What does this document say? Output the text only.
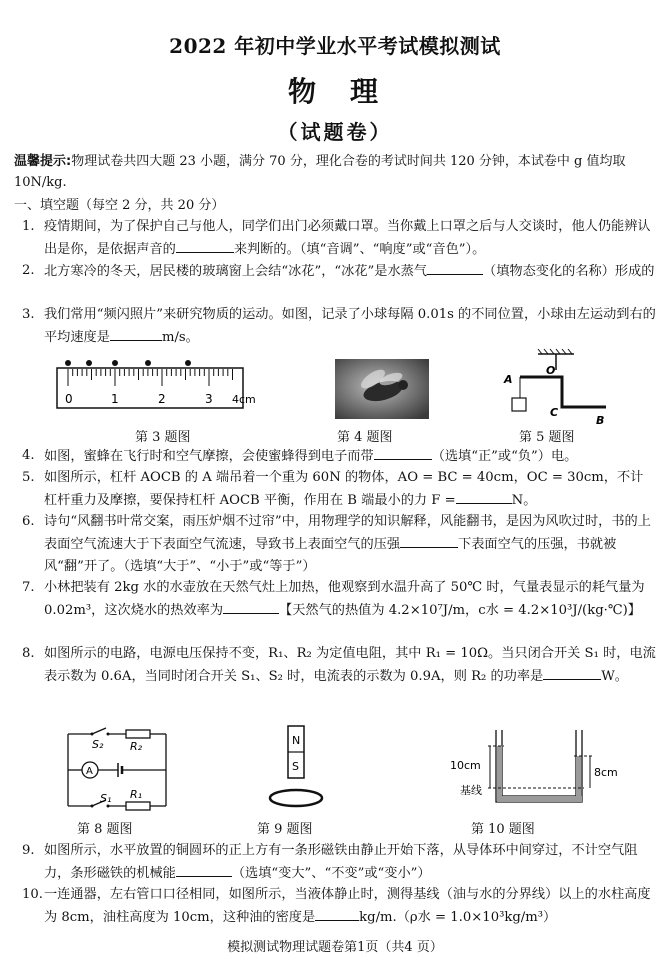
2022 年初中学业水平考试模拟测试
物理
（试题卷）
温馨提示:物理试卷共四大题 23 小题，满分 70 分，理化合卷的考试时间共 120 分钟，本试卷中 g 值均取 10N/kg.
一、填空题（每空 2 分，共 20 分）
1. 疫情期间，为了保护自己与他人，同学们出门必须戴口罩。当你戴上口罩之后与人交谈时，他人仍能辨认出是你，是依据声音的	来判断的。（填“音调”、“响度”或“音色”）。
2. 北方寒冷的冬天，居民楼的玻璃窗上会结“冰花”，“冰花”是水蒸气	（填物态变化的名称）形成的
3. 我们常用“频闪照片”来研究物质的运动。如图，记录了小球每隔 0.01s 的不同位置，小球由左运动到右的平均速度是	m/s。
0	1	2	3 4cm
第 3 题图	第 4 题图
A
O
C
B
第 5 题图
4. 如图，蜜蜂在飞行时和空气摩擦，会使蜜蜂得到电子而带	（选填“正”或“负”）电。
5. 如图所示，杠杆 AOCB 的 A 端吊着一个重为 60N 的物体，AO = BC = 40cm，OC = 30cm，不计杠杆重力及摩擦，要保持杠杆 AOCB 平衡，作用在 B 端最小的力 F =	N。
6. 诗句“风翻书叶常交案，雨压炉烟不过帘”中，用物理学的知识解释，风能翻书，是因为风吹过时，书的上表面空气流速大于下表面空气流速，导致书上表面空气的压强	下表面空气的压强，书就被风“翻”开了。（选填“大于”、“小于”或“等于”）
7. 小林把装有 2kg 水的水壶放在天然气灶上加热，他观察到水温升高了 50℃ 时，气量表显示的耗气量为 0.02m³，这次烧水的热效率为	【天然气的热值为 4.2×10⁷J/m，c水 = 4.2×10³J/(kg·℃)】
8. 如图所示的电路，电源电压保持不变，R₁、R₂ 为定值电阻，其中 R₁ = 10Ω。当只闭合开关 S₁ 时，电流表示数为 0.6A，当同时闭合开关 S₁、S₂ 时，电流表的示数为 0.9A，则 R₂ 的功率是	W。
S₂ R₂
A
S₁ R₁
第 8 题图
N
S
第 9 题图
10cm
8cm
基线
第 10 题图
9. 如图所示，水平放置的铜圆环的正上方有一条形磁铁由静止开始下落，从导体环中间穿过，不计空气阻力，条形磁铁的机械能	（选填“变大”、“不变”或“变小”）
10. 一连通器，左右管口口径相同，如图所示，当液体静止时，测得基线（油与水的分界线）以上的水柱高度为 8cm，油柱高度为 10cm，这种油的密度是	kg/m.（ρ水 = 1.0×10³kg/m³）
模拟测试物理试题卷第1页（共4 页）
